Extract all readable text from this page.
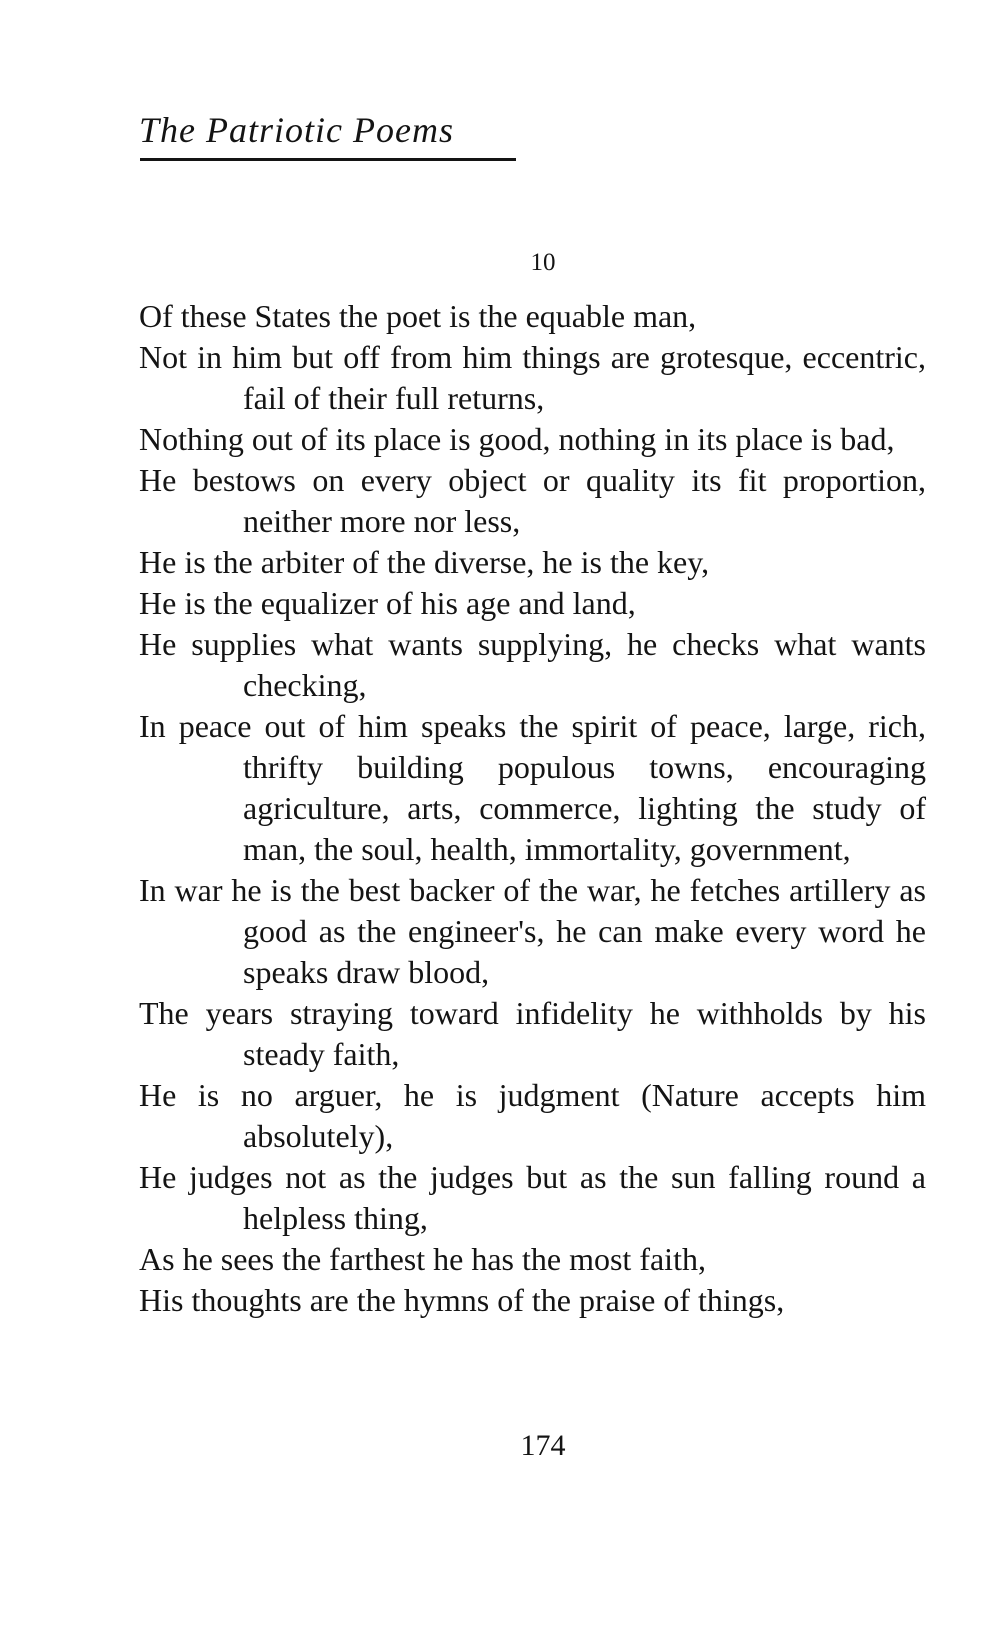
The Patriotic Poems
10
Of these States the poet is the equable man,
Not in him but off from him things are grotesque, eccentric, fail of their full returns,
Nothing out of its place is good, nothing in its place is bad,
He bestows on every object or quality its fit proportion, neither more nor less,
He is the arbiter of the diverse, he is the key,
He is the equalizer of his age and land,
He supplies what wants supplying, he checks what wants checking,
In peace out of him speaks the spirit of peace, large, rich, thrifty building populous towns, encouraging agriculture, arts, commerce, lighting the study of man, the soul, health, immortality, government,
In war he is the best backer of the war, he fetches artillery as good as the engineer's, he can make every word he speaks draw blood,
The years straying toward infidelity he withholds by his steady faith,
He is no arguer, he is judgment (Nature accepts him absolutely),
He judges not as the judges but as the sun falling round a helpless thing,
As he sees the farthest he has the most faith,
His thoughts are the hymns of the praise of things,
174
